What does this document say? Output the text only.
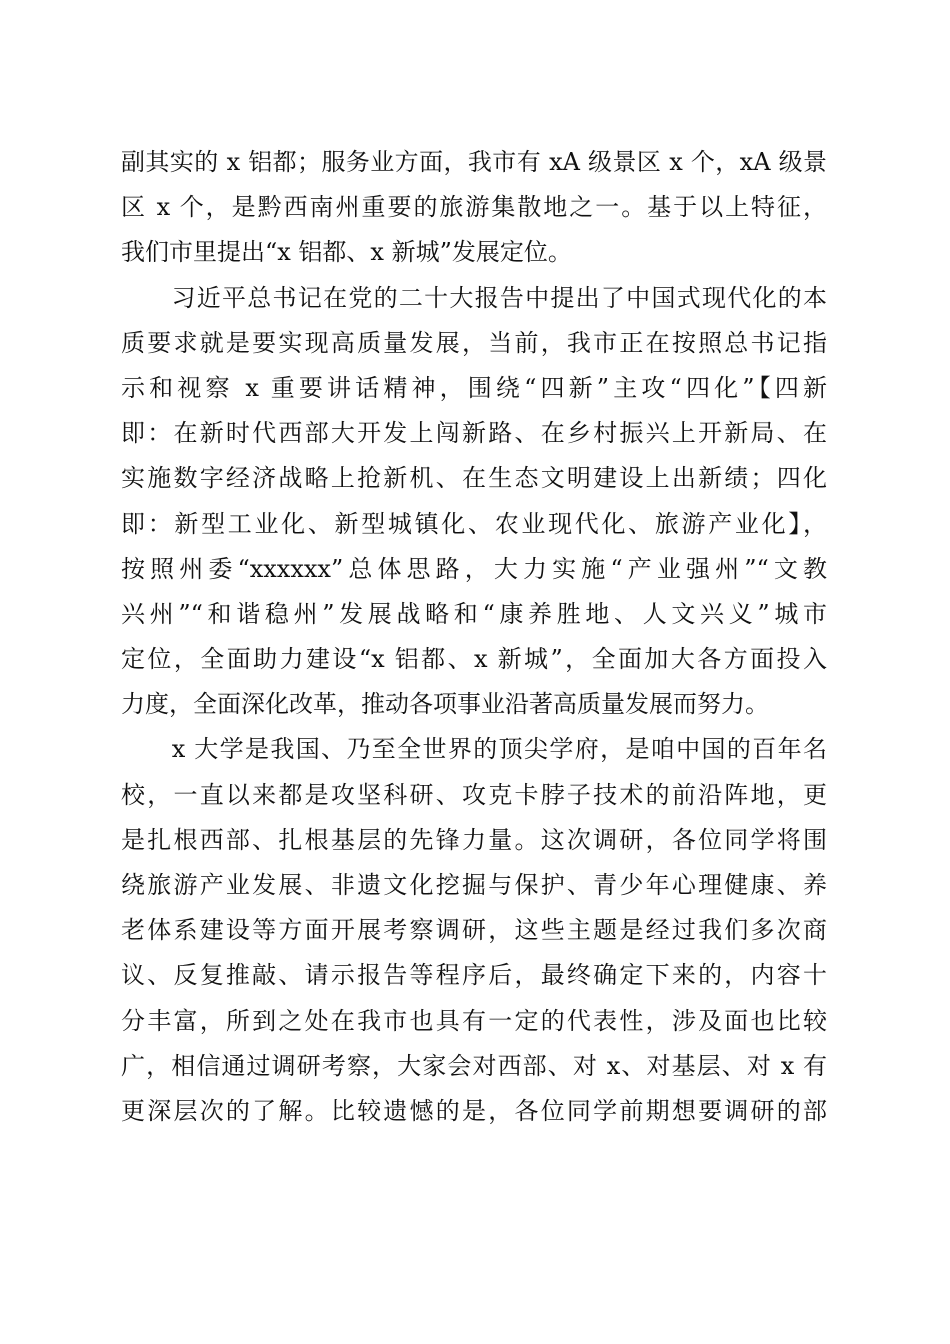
副其实的 x 铝都；服务业方面，我市有 xA 级景区 x 个，xA 级景
区 x 个，是黔西南州重要的旅游集散地之一。基于以上特征，
我们市里提出“x 铝都、x 新城”发展定位。
　　习近平总书记在党的二十大报告中提出了中国式现代化的本
质要求就是要实现高质量发展，当前，我市正在按照总书记指
示和视察 x 重要讲话精神，围绕“四新”主攻“四化”【四新
即：在新时代西部大开发上闯新路、在乡村振兴上开新局、在
实施数字经济战略上抢新机、在生态文明建设上出新绩；四化
即：新型工业化、新型城镇化、农业现代化、旅游产业化】，
按照州委“xxxxxx”总体思路，大力实施“产业强州”“文教
兴州”“和谐稳州”发展战略和“康养胜地、人文兴义”城市
定位，全面助力建设“x 铝都、x 新城”，全面加大各方面投入
力度，全面深化改革，推动各项事业沿著高质量发展而努力。
　　x 大学是我国、乃至全世界的顶尖学府，是咱中国的百年名
校，一直以来都是攻坚科研、攻克卡脖子技术的前沿阵地，更
是扎根西部、扎根基层的先锋力量。这次调研，各位同学将围
绕旅游产业发展、非遗文化挖掘与保护、青少年心理健康、养
老体系建设等方面开展考察调研，这些主题是经过我们多次商
议、反复推敲、请示报告等程序后，最终确定下来的，内容十
分丰富，所到之处在我市也具有一定的代表性，涉及面也比较
广，相信通过调研考察，大家会对西部、对 x、对基层、对 x 有
更深层次的了解。比较遗憾的是，各位同学前期想要调研的部
